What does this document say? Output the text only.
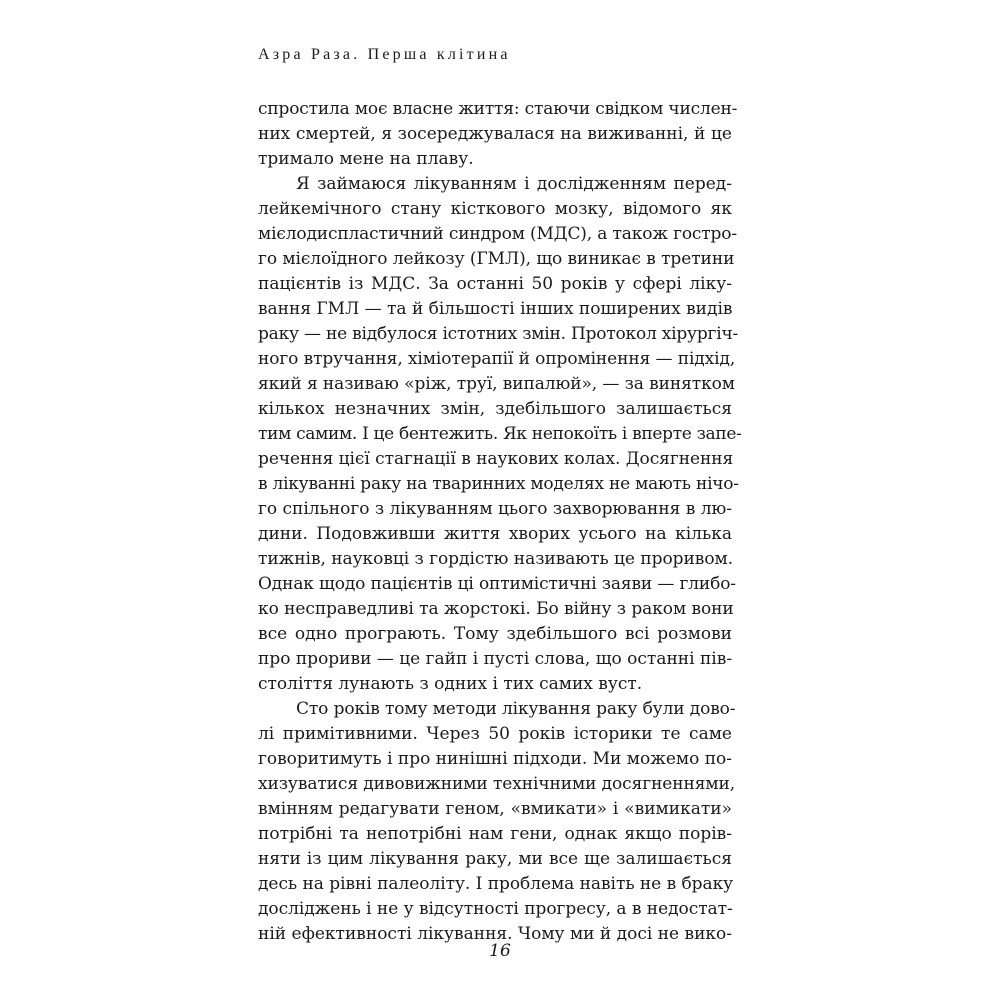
Азра Раза. Перша клітина
спростила моє власне життя: стаючи свідком числен-
них смертей, я зосереджувалася на виживанні, й це
тримало мене на плаву.
Я займаюся лікуванням і дослідженням перед-
лейкемічного стану кісткового мозку, відомого як
мієлодиспластичний синдром (МДС), а також гостро-
го мієлоїдного лейкозу (ГМЛ), що виникає в третини
пацієнтів із МДС. За останні 50 років у сфері ліку-
вання ГМЛ — та й більшості інших поширених видів
раку — не відбулося істотних змін. Протокол хірургіч-
ного втручання, хіміотерапії й опромінення — підхід,
який я називаю «ріж, труї, випалюй», — за винятком
кількох незначних змін, здебільшого залишається
тим самим. І це бентежить. Як непокоїть і вперте запе-
речення цієї стагнації в наукових колах. Досягнення
в лікуванні раку на тваринних моделях не мають нічо-
го спільного з лікуванням цього захворювання в лю-
дини. Подовживши життя хворих усього на кілька
тижнів, науковці з гордістю називають це проривом.
Однак щодо пацієнтів ці оптимістичні заяви — глибо-
ко несправедливі та жорстокі. Бо війну з раком вони
все одно програють. Тому здебільшого всі розмови
про прориви — це гайп і пусті слова, що останні пів-
століття лунають з одних і тих самих вуст.
Сто років тому методи лікування раку були дово-
лі примітивними. Через 50 років історики те саме
говоритимуть і про нинішні підходи. Ми можемо по-
хизуватися дивовижними технічними досягненнями,
вмінням редагувати геном, «вмикати» і «вимикати»
потрібні та непотрібні нам гени, однак якщо порів-
няти із цим лікування раку, ми все ще залишається
десь на рівні палеоліту. І проблема навіть не в браку
досліджень і не у відсутності прогресу, а в недостат-
ній ефективності лікування. Чому ми й досі не вико-
16
